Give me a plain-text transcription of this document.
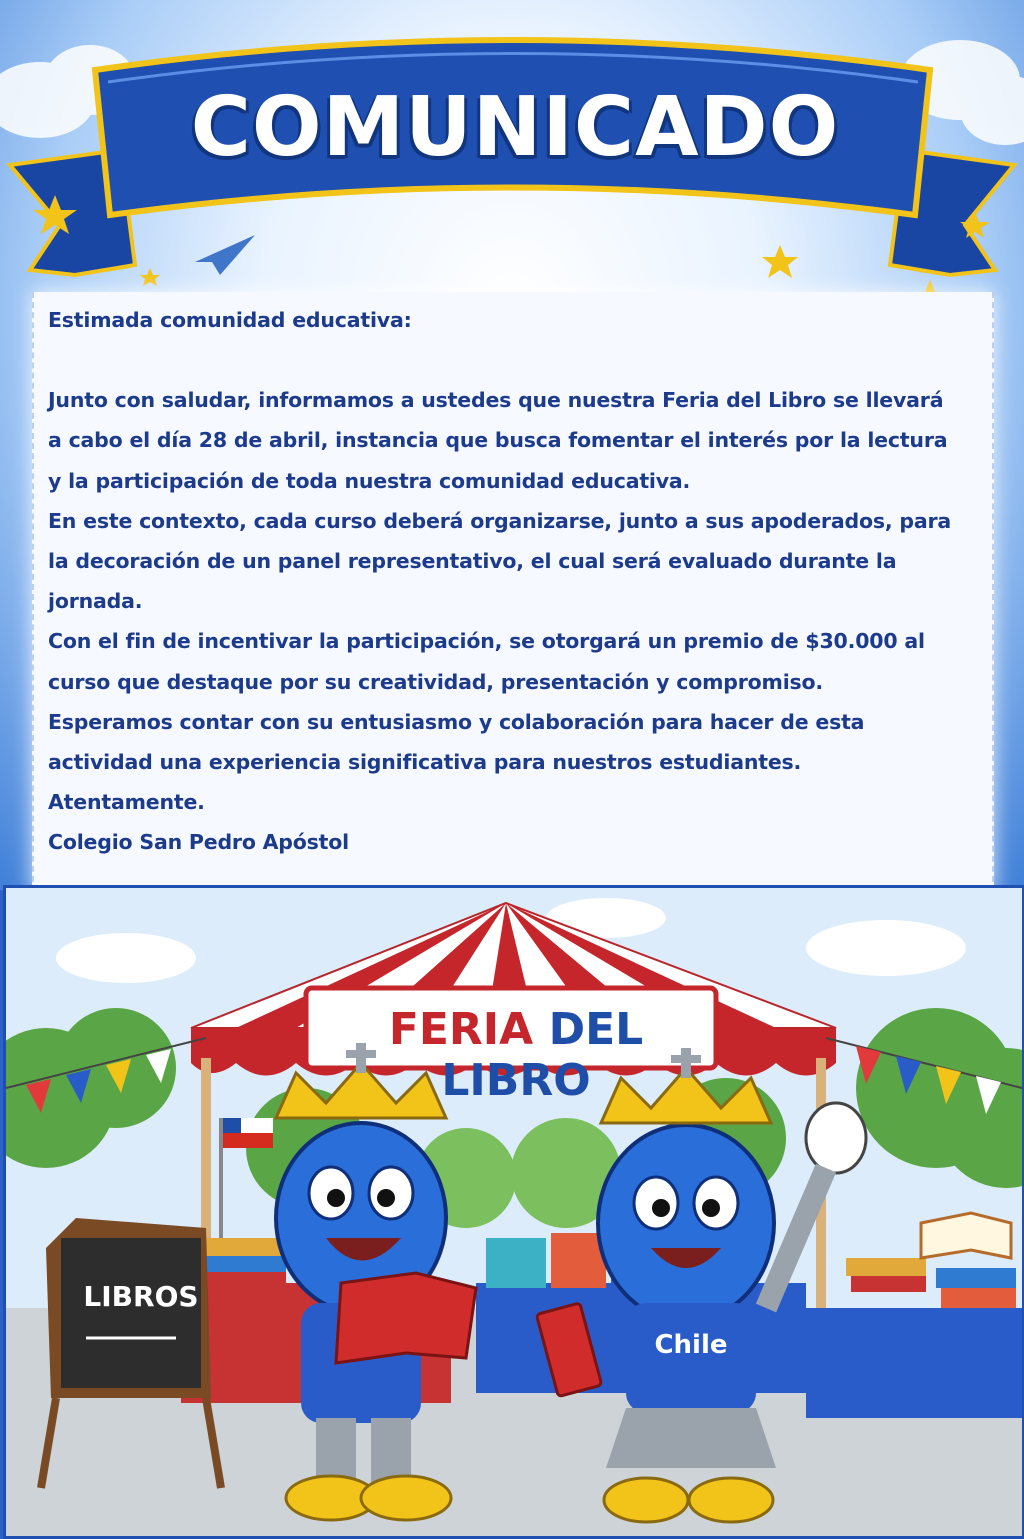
COMUNICADO

Estimada comunidad educativa:

Junto con saludar, informamos a ustedes que nuestra Feria del Libro se llevará

a cabo el día 28 de abril, instancia que busca fomentar el interés por la lectura

y la participación de toda nuestra comunidad educativa.

En este contexto, cada curso deberá organizarse, junto a sus apoderados, para

la decoración de un panel representativo, el cual será evaluado durante la

jornada.

Con el fin de incentivar la participación, se otorgará un premio de $30.000 al

curso que destaque por su creatividad, presentación y compromiso.

Esperamos contar con su entusiasmo y colaboración para hacer de esta

actividad una experiencia significativa para nuestros estudiantes.

Atentamente.

Colegio San Pedro Apóstol

FERIA DEL LIBRO
LIBROS
Chile
